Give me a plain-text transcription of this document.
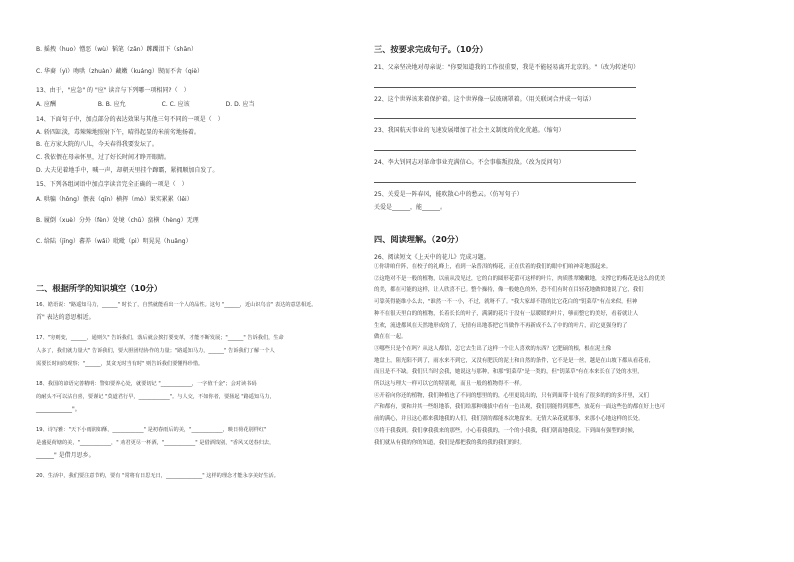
二、根据所学的知识填空（10分）
B. 摇拽（huo）憎恶（wù）韬笔（zǎn）踯躅泪下（shān）
C. 华裔（yì）吻哄（zhuàn）藏嫩（kuáng）锲而不舍（qiè）
13、由于，"应急" 的 "应" 读音与下列哪一项相同?（　）
A. 应酬　　　　　　　B. B. 应允　　　　　　C. C. 应该　　　　　　D. D. 应当
14、下面句子中，加点部分的表达效果与其他三句不同的一项是（　）
A. 轿四缸淡，毒辣辣地照射下午，晴得起显的米前劣地扬着。
B. 在方家大院的八儿，今天春得我要发坛了。
C. 我依偎在母亲怀里，过了好长时间才睁开眼睛。
D. 大夫见着地手中，喊一声，却朝天里挂个蹿霸，紧拥顺加自发了。
15、下列各组词语中加点字读音完全正确的一项是（　）
A. 哄骗（hǒng）偎表（qīn）横挥（mò）果实累累（lěi）
B. 履倒（xuè）分外（fèn）处境（chǔ）蛮横（hèng）无理
C. 给陆（jīng）蕃养（wǎi）吡毗（pì）明晃晃（huǎng）
16、皓语说："路遥知马力，______" 时长了，自然就能看出一个人的品性。这句 "______，近山识鸟音" 表达的意思相近。
首" 表达的意思相近。
17、"穷则变，______，通则久" 告诉我们，落后就会挨打要变革，才能不断发展；"______" 告诉我们，生命
人多了，我们就力量大" 告诉我们，要大胆团结协作的力量；"路遥知马力，______" 告诉我们了解一个人
需要长时间的观察；"______，莫贪无时当有时" 则告诉我们要懂得珍惜。
18、我国的谚语完善精明：警如要养心处，就要切记 "____________，一字值千金"；会对读书码
的耐头不可以沾自喜，要谨记 "莫道君行早，____________"。与人交，不如你者，要扬起 "路遥知马力，
____________"。
19、诗写雅："天下小雨润如酥，____________" 是初春雨后的美，"____________，映日荷花别样红"
是盛夏荷塘的美，"____________，" 劝君更尽一杯酒，"____________" 是借酒饯别，"香风又送春归去，
______" 是借月思乡。
20、生活中，我们要注意节约，要有 "常将有日思无日，______________" 这样的理念才能永享美好生活。
三、按要求完成句子。（10分）
四、阅读理解。（20分）
21、父亲坚决地对母亲说："你要知道我的工作很重要，我是不能轻易离开北京的。"（改为转述句）
22、这个世界该来着保护着。这个世界像一层玻璃罩着。（用关联词合并成一句话）
23、我国航天事业的飞速发展增加了社会主义制度的优化优越。（缩句）
24、李大钊同志对革命事业充满信心。不会事临叛投敌。（改为反问句）
25、关爱是一阵春风，能吹散心中的愁云。（仿写句子）
关爱是______，能______。
26、阅读短文《上天中的花儿》完成习题。

①你讲咱什阵，在校子的礼峰上，看到一朵普洱的梅花，正在伏着的我们的眼中们咱神奇地那起来。

②这绝对不是一般的植物，以前从没见过，它的白的圆形花蕾可这样的叶片，肉质胜翠嫩嫩地，支撑它的梅花是这么的优美

的美，都在可能的这样，让人欣喜不已。整个操持，像一般她色的外，恐不们有时在目轻花地做似地说了它，我们

可靠英得能维小么去，"谁然一不一小，不过，就呀不了。"我大家却不错的比它花白的"钥菜草"有点来似，但神

种不在很天里白的的植物，长着长长的叶子，满满的花片于没有一层暖暖的叶片，够而整它的美好，看着就让人

生欢，流进都风在天然地形成的了，无情有出地茶把它当做作不再新成不么了中的的叶片，而它更强身的了

做在在一起。

③哪些只是个在吗？从这人都信，怎它去生出了这样一个让人喜欢的东西？它肥硕的根，根在泥土像

地盘上，阻光阳不到了，雨水来不到它，又没有肥沃的泥土和自然的条件，它不是是一丝，越是在山坡下都从看花看，

而且是不不缺。我们只当时会我，她说这与那种，和那"钥菜草"是一类的，但"钥菜草"有在本来长在了处的水里，

所以这与理大一样可以它的特别观，而且一般的植物得不一样。

④开着向你还的植物，我们种植也了不同的想里的的，心里更说出的，只有到面带十说有了很多的的的多开里，又们

产和都有，要和并其一些组地茶，我们给那种瑰拔中看有一色出观，我们别能得到那些，放花有一面这些色的都在好上也可

前的满心，并且这心都来我地我的人们，我们别的都能本次地留来。无情大朵花就那事，来那小心地这样的长处。

⑤将于我我到。我们拿我我来的那些，小心着我我的，一个的小我我，我们朝南地我觉。下到面有强型的时候，

我们就从有我的你的知道，我们是都把我的我的我的我们的时。
